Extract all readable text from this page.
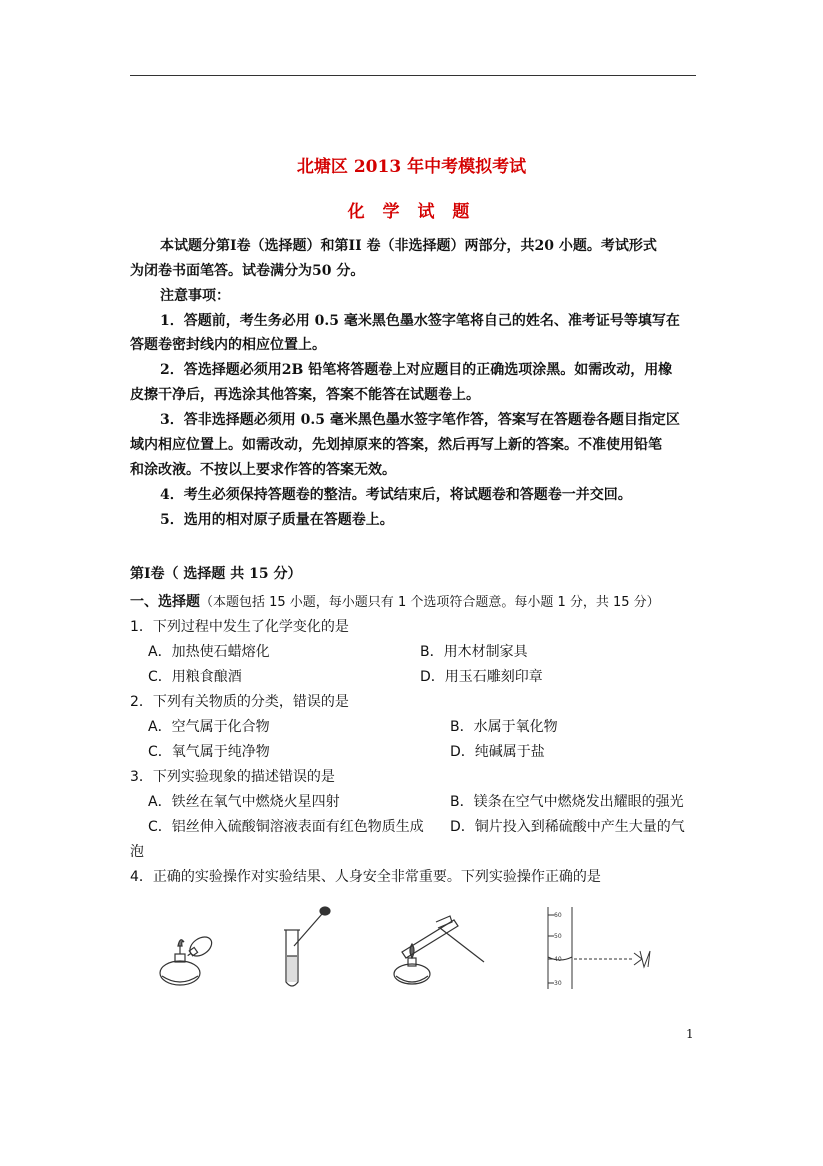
北塘区 2013 年中考模拟考试
化 学 试 题
本试题分第Ⅰ卷（选择题）和第II 卷（非选择题）两部分，共20 小题。考试形式
为闭卷书面笔答。试卷满分为50 分。
注意事项：
1．答题前，考生务必用 0.5 毫米黑色墨水签字笔将自己的姓名、准考证号等填写在
答题卷密封线内的相应位置上。
2．答选择题必须用2B 铅笔将答题卷上对应题目的正确选项涂黑。如需改动，用橡
皮擦干净后，再选涂其他答案，答案不能答在试题卷上。
3．答非选择题必须用 0.5 毫米黑色墨水签字笔作答，答案写在答题卷各题目指定区
域内相应位置上。如需改动，先划掉原来的答案，然后再写上新的答案。不准使用铅笔
和涂改液。不按以上要求作答的答案无效。
4．考生必须保持答题卷的整洁。考试结束后，将试题卷和答题卷一并交回。
5．选用的相对原子质量在答题卷上。
第Ⅰ卷（ 选择题 共 15 分）
一、选择题（本题包括 15 小题，每小题只有 1 个选项符合题意。每小题 1 分，共 15 分）
1．下列过程中发生了化学变化的是
A．加热使石蜡熔化	B．用木材制家具
C．用粮食酿酒	D．用玉石雕刻印章
2．下列有关物质的分类，错误的是
A．空气属于化合物	B．水属于氧化物
C．氧气属于纯净物	D．纯碱属于盐
3．下列实验现象的描述错误的是
A．铁丝在氧气中燃烧火星四射	B．镁条在空气中燃烧发出耀眼的强光
C．铝丝伸入硫酸铜溶液表面有红色物质生成 D．铜片投入到稀硫酸中产生大量的气
泡
4．正确的实验操作对实验结果、人身安全非常重要。下列实验操作正确的是
60
50
40
30
1
